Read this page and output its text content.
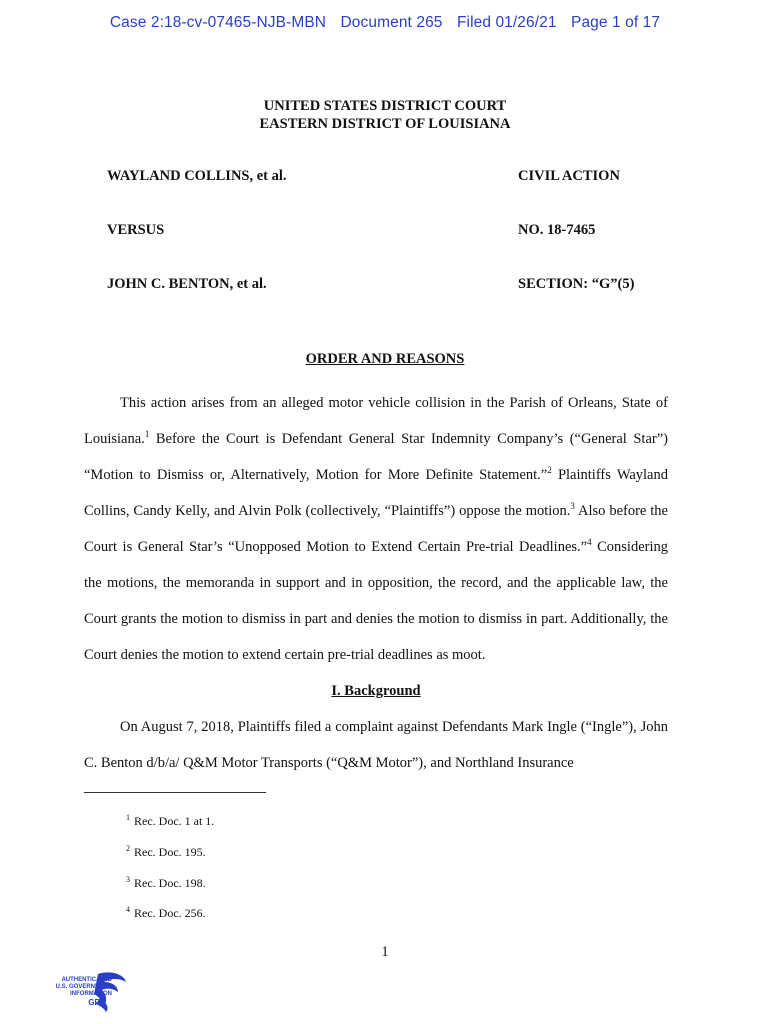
Case 2:18-cv-07465-NJB-MBN Document 265 Filed 01/26/21 Page 1 of 17
UNITED STATES DISTRICT COURT
EASTERN DISTRICT OF LOUISIANA
WAYLAND COLLINS, et al.	CIVIL ACTION
VERSUS	NO. 18-7465
JOHN C. BENTON, et al.	SECTION: “G”(5)
ORDER AND REASONS

This action arises from an alleged motor vehicle collision in the Parish of Orleans, State of Louisiana.$^1$ Before the Court is Defendant General Star Indemnity Company’s (“General Star”) “Motion to Dismiss or, Alternatively, Motion for More Definite Statement.”$^2$ Plaintiffs Wayland Collins, Candy Kelly, and Alvin Polk (collectively, “Plaintiffs”) oppose the motion.$^3$ Also before the Court is General Star’s “Unopposed Motion to Extend Certain Pre-trial Deadlines.”$^4$ Considering the motions, the memoranda in support and in opposition, the record, and the applicable law, the Court grants the motion to dismiss in part and denies the motion to dismiss in part. Additionally, the Court denies the motion to extend certain pre-trial deadlines as moot.

I. Background

On August 7, 2018, Plaintiffs filed a complaint against Defendants Mark Ingle (“Ingle”), John C. Benton d/b/a/ Q&M Motor Transports (“Q&M Motor”), and Northland Insurance

$^1$ Rec. Doc. 1 at 1.
$^2$ Rec. Doc. 195.
$^3$ Rec. Doc. 198.
$^4$ Rec. Doc. 256.
1
AUTHENTICATED
U.S. GOVERNMENT
INFORMATION
GPO
